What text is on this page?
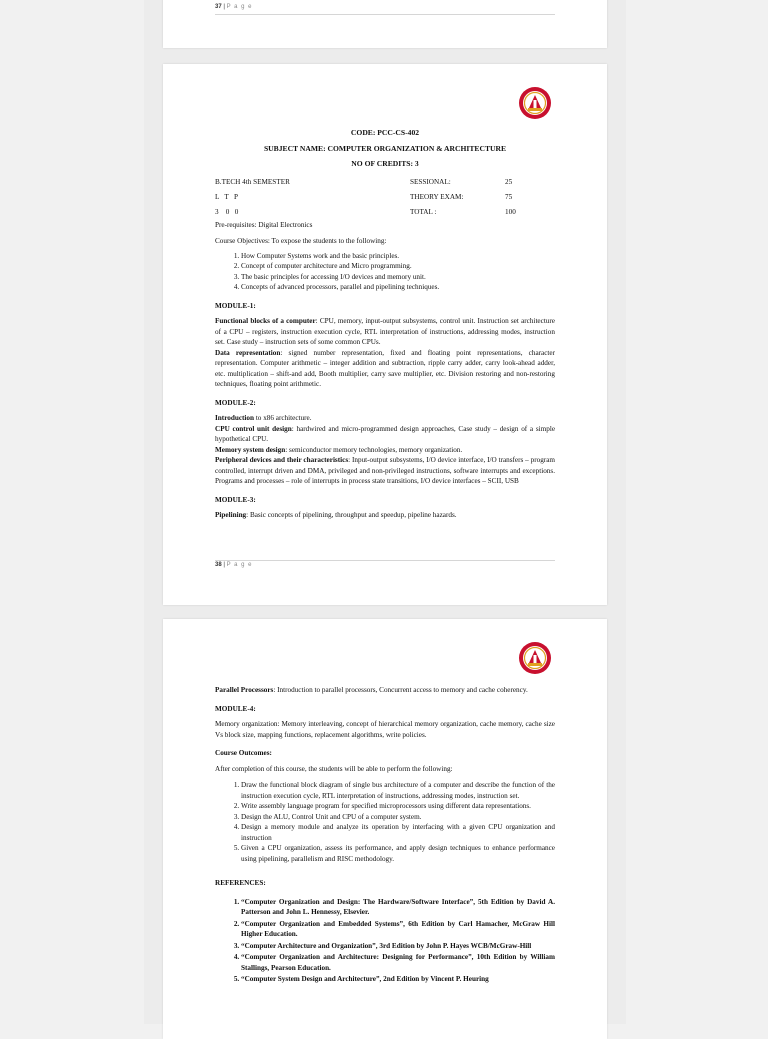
37 | P a g e
CODE: PCC-CS-402
SUBJECT NAME: COMPUTER ORGANIZATION & ARCHITECTURE
NO OF CREDITS: 3
B.TECH 4th SEMESTER	SESSIONAL:	25
L   T   P	THEORY EXAM:	75
3    0   0	TOTAL :	100

Pre-requisites: Digital Electronics

Course Objectives: To expose the students to the following:

1. How Computer Systems work and the basic principles.
2. Concept of computer architecture and Micro programming.
3. The basic principles for accessing I/O devices and memory unit.
4. Concepts of advanced processors, parallel and pipelining techniques.
MODULE-1:

Functional blocks of a computer: CPU, memory, input-output subsystems, control unit. Instruction set architecture of a CPU – registers, instruction execution cycle, RTL interpretation of instructions, addressing modes, instruction set. Case study – instruction sets of some common CPUs.

Data representation: signed number representation, fixed and floating point representations, character representation. Computer arithmetic – integer addition and subtraction, ripple carry adder, carry look-ahead adder, etc. multiplication – shift-and add, Booth multiplier, carry save multiplier, etc. Division restoring and non-restoring techniques, floating point arithmetic.

MODULE-2:

Introduction to x86 architecture.

CPU control unit design: hardwired and micro-programmed design approaches, Case study – design of a simple hypothetical CPU.

Memory system design: semiconductor memory technologies, memory organization.

Peripheral devices and their characteristics: Input-output subsystems, I/O device interface, I/O transfers – program controlled, interrupt driven and DMA, privileged and non-privileged instructions, software interrupts and exceptions. Programs and processes – role of interrupts in process state transitions, I/O device interfaces – SCII, USB

MODULE-3:

Pipelining: Basic concepts of pipelining, throughput and speedup, pipeline hazards.

38 | P a g e

Parallel Processors: Introduction to parallel processors, Concurrent access to memory and cache coherency.

MODULE-4:

Memory organization: Memory interleaving, concept of hierarchical memory organization, cache memory, cache size Vs block size, mapping functions, replacement algorithms, write policies.

Course Outcomes:

After completion of this course, the students will be able to perform the following:

1. Draw the functional block diagram of single bus architecture of a computer and describe the function of the instruction execution cycle, RTL interpretation of instructions, addressing modes, instruction set.
2. Write assembly language program for specified microprocessors using different data representations.
3. Design the ALU, Control Unit and CPU of a computer system.
4. Design a memory module and analyze its operation by interfacing with a given CPU organization and instruction
5. Given a CPU organization, assess its performance, and apply design techniques to enhance performance using pipelining, parallelism and RISC methodology.
REFERENCES:
1. “Computer Organization and Design: The Hardware/Software Interface”, 5th Edition by David A. Patterson and John L. Hennessy, Elsevier.
2. “Computer Organization and Embedded Systems”, 6th Edition by Carl Hamacher, McGraw Hill Higher Education.
3. “Computer Architecture and Organization”, 3rd Edition by John P. Hayes WCB/McGraw-Hill
4. “Computer Organization and Architecture: Designing for Performance”, 10th Edition by William Stallings, Pearson Education.
5. “Computer System Design and Architecture”, 2nd Edition by Vincent P. Heuring
